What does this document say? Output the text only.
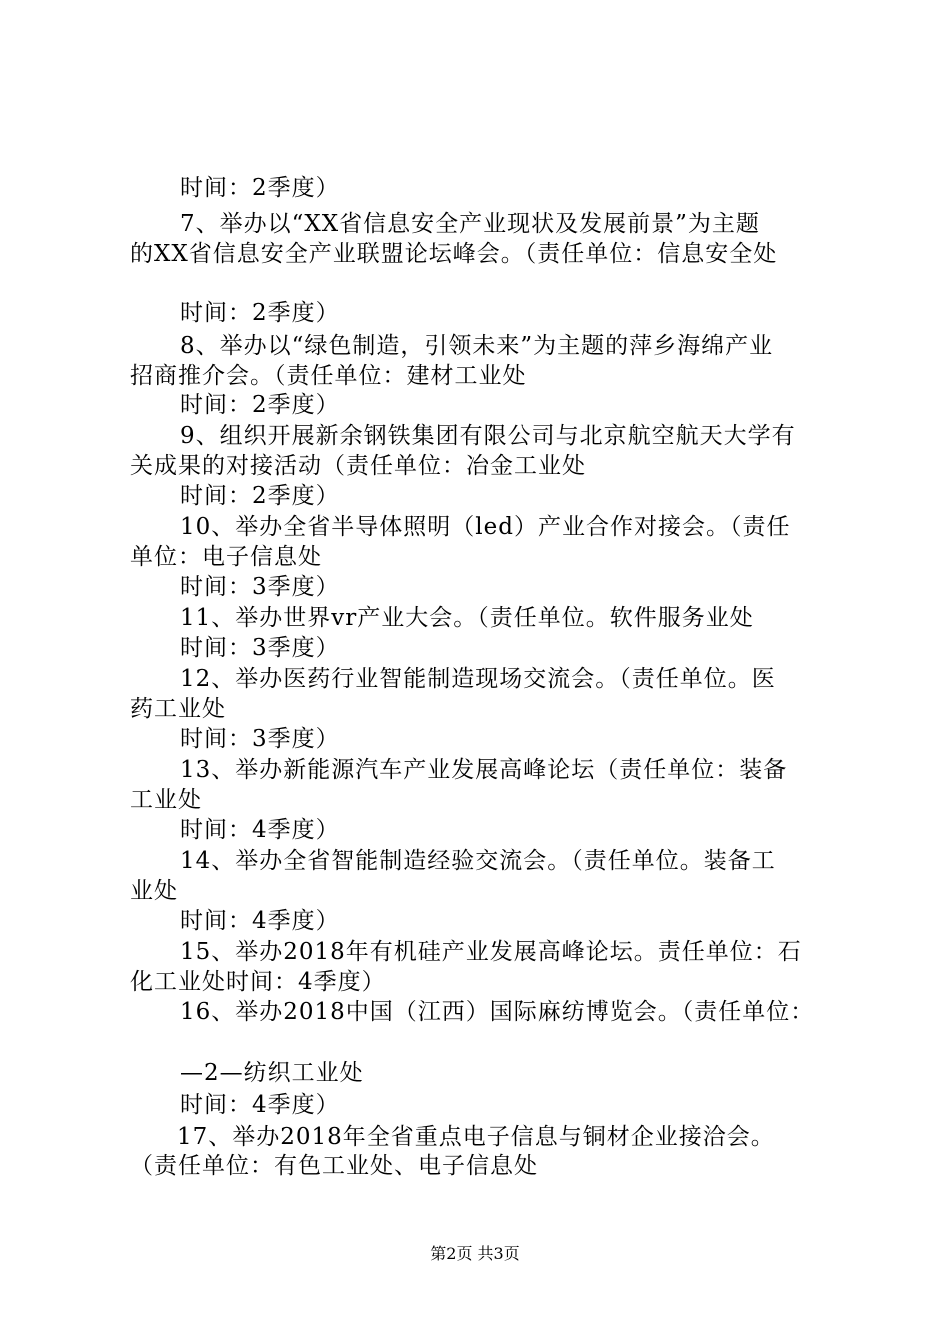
时间：2季度）
7、举办以“XX省信息安全产业现状及发展前景”为主题
的XX省信息安全产业联盟论坛峰会。（责任单位：信息安全处
时间：2季度）
8、举办以“绿色制造，引领未来”为主题的萍乡海绵产业
招商推介会。（责任单位：建材工业处
时间：2季度）
9、组织开展新余钢铁集团有限公司与北京航空航天大学有
关成果的对接活动（责任单位：冶金工业处
时间：2季度）
10、举办全省半导体照明（led）产业合作对接会。（责任
单位：电子信息处
时间：3季度）
11、举办世界vr产业大会。（责任单位。软件服务业处
时间：3季度）
12、举办医药行业智能制造现场交流会。（责任单位。医
药工业处
时间：3季度）
13、举办新能源汽车产业发展高峰论坛（责任单位：装备
工业处
时间：4季度）
14、举办全省智能制造经验交流会。（责任单位。装备工
业处
时间：4季度）
15、举办2018年有机硅产业发展高峰论坛。责任单位：石
化工业处时间：4季度）
16、举办2018中国（江西）国际麻纺博览会。（责任单位：
—2—纺织工业处
时间：4季度）
17、举办2018年全省重点电子信息与铜材企业接洽会。
（责任单位：有色工业处、电子信息处
第2页 共3页
